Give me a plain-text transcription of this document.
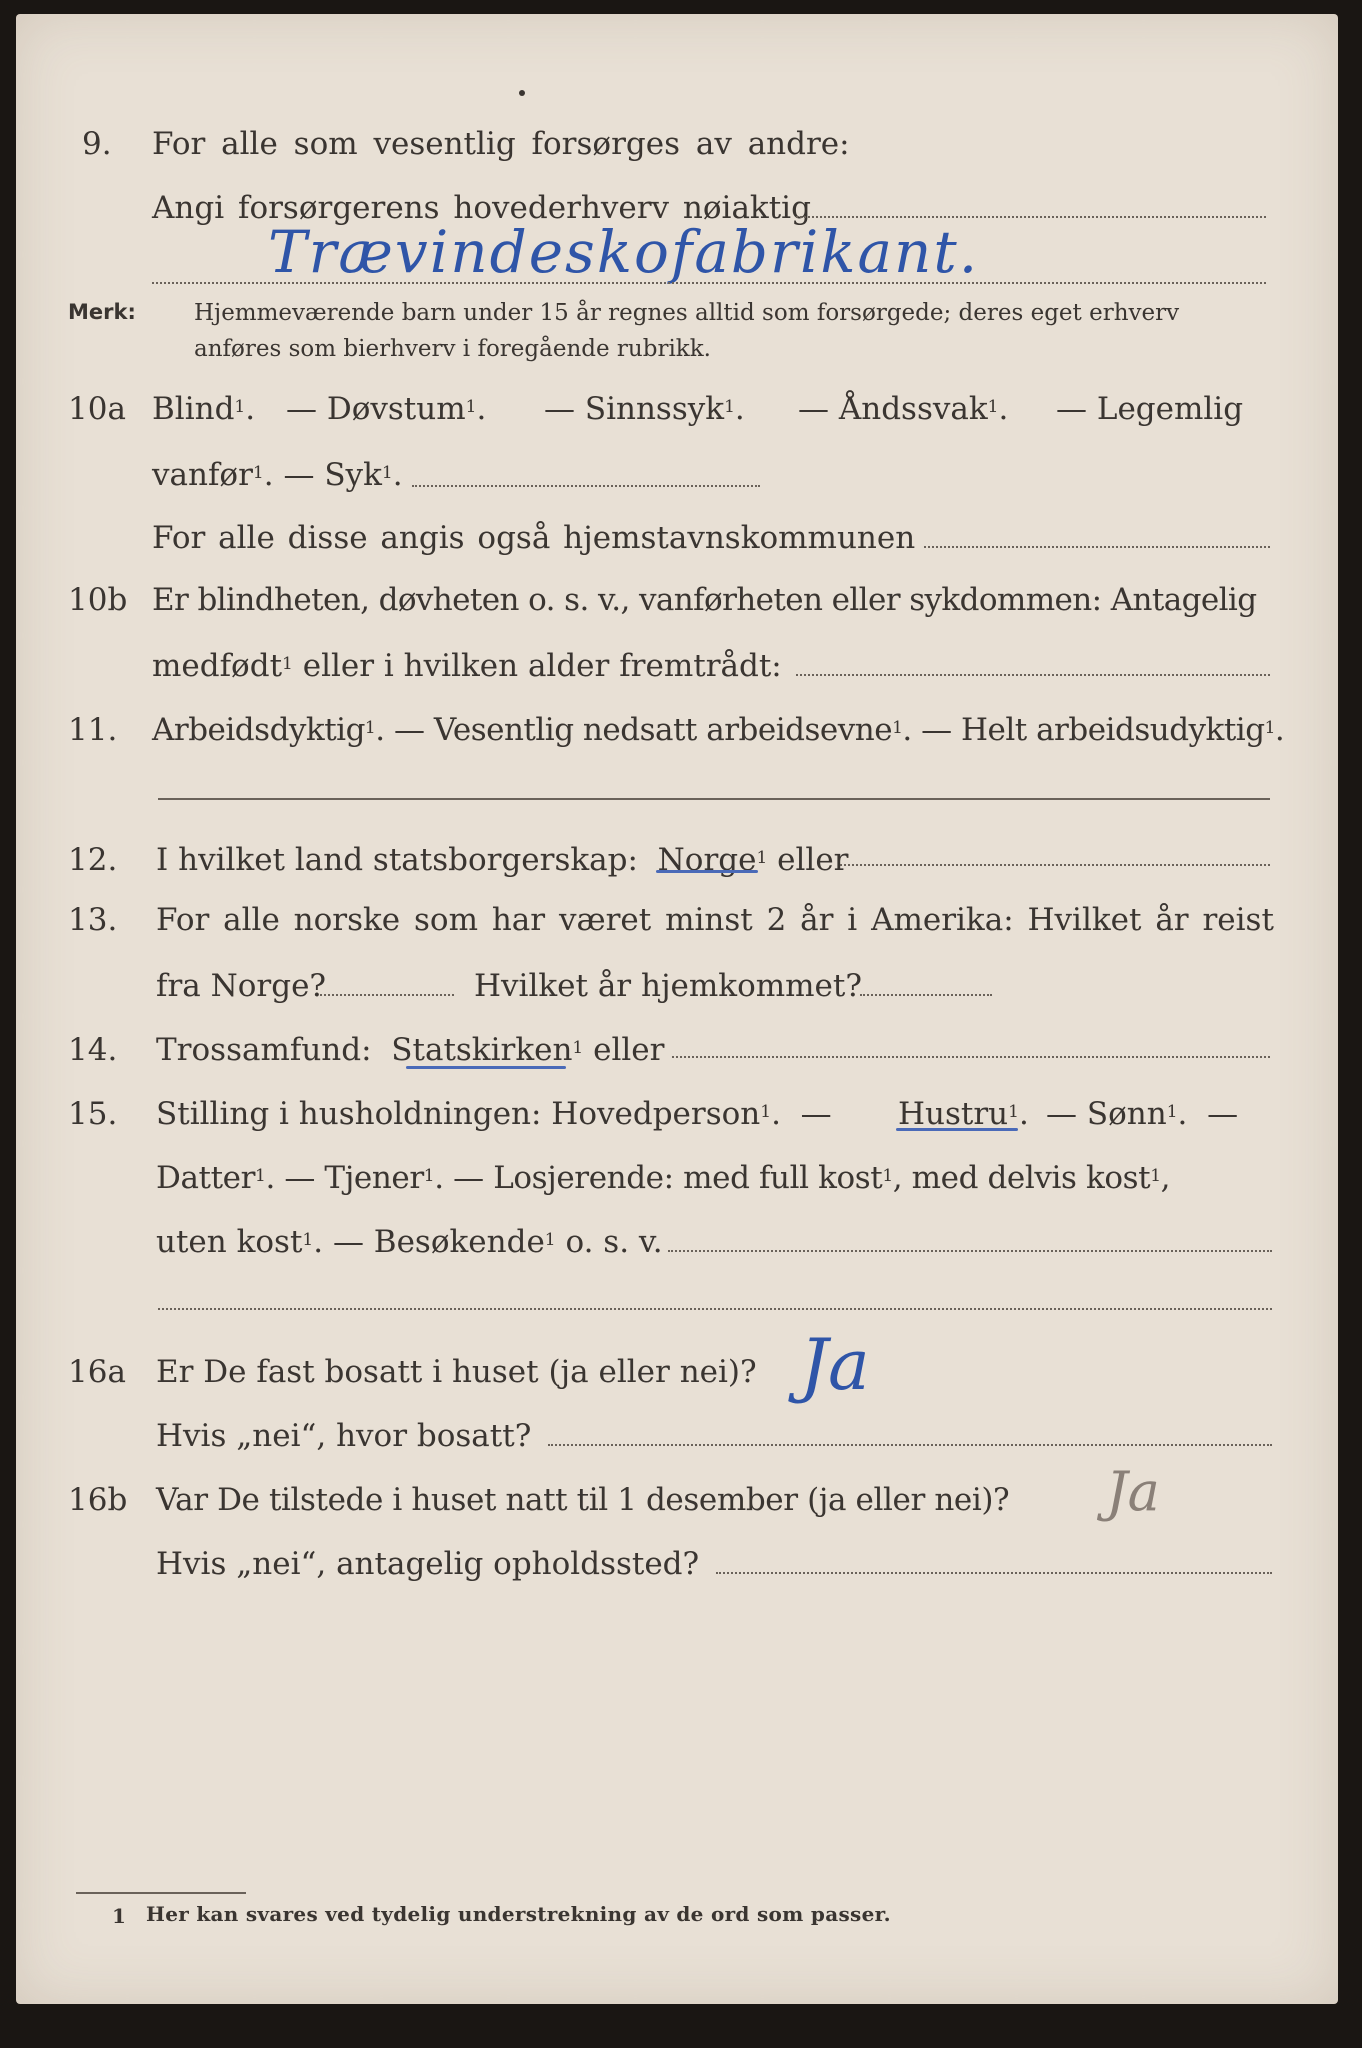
9. For alle som vesentlig forsørges av andre:
Angi forsørgerens hovederhverv nøiaktig
Trævindeskofabrikant.
Merk:	Hjemmeværende barn under 15 år regnes alltid som forsørgede; deres eget erhverv
anføres som bierhverv i foregående rubrikk.
10a Blind$^1$. — Døvstum$^1$. — Sinnssyk$^1$. — Åndssvak$^1$. — Legemlig
vanfør$^1$. — Syk$^1$.
For alle disse angis også hjemstavnskommunen
10b Er blindheten, døvheten o. s. v., vanførheten eller sykdommen: Antagelig
medfødt$^1$ eller i hvilken alder fremtrådt:
11. Arbeidsdyktig$^1$. — Vesentlig nedsatt arbeidsevne$^1$. — Helt arbeidsudyktig$^1$.
12. I hvilket land statsborgerskap: Norge$^1$ eller
13. For alle norske som har været minst 2 år i Amerika: Hvilket år reist
fra Norge?	Hvilket år hjemkommet?
14. Trossamfund: Statskirken$^1$ eller
15. Stilling i husholdningen: Hovedperson$^1$.  — Hustru$^1$. — Sønn$^1$.  —
Datter$^1$. — Tjener$^1$. — Losjerende: med full kost$^1$, med delvis kost$^1$,
uten kost$^1$. — Besøkende$^1$ o. s. v.
16a Er De fast bosatt i huset (ja eller nei)? Ja
Hvis „nei“, hvor bosatt?
16b Var De tilstede i huset natt til 1 desember (ja eller nei)? Ja
Hvis „nei“, antagelig opholdssted?
1 Her kan svares ved tydelig understrekning av de ord som passer.
